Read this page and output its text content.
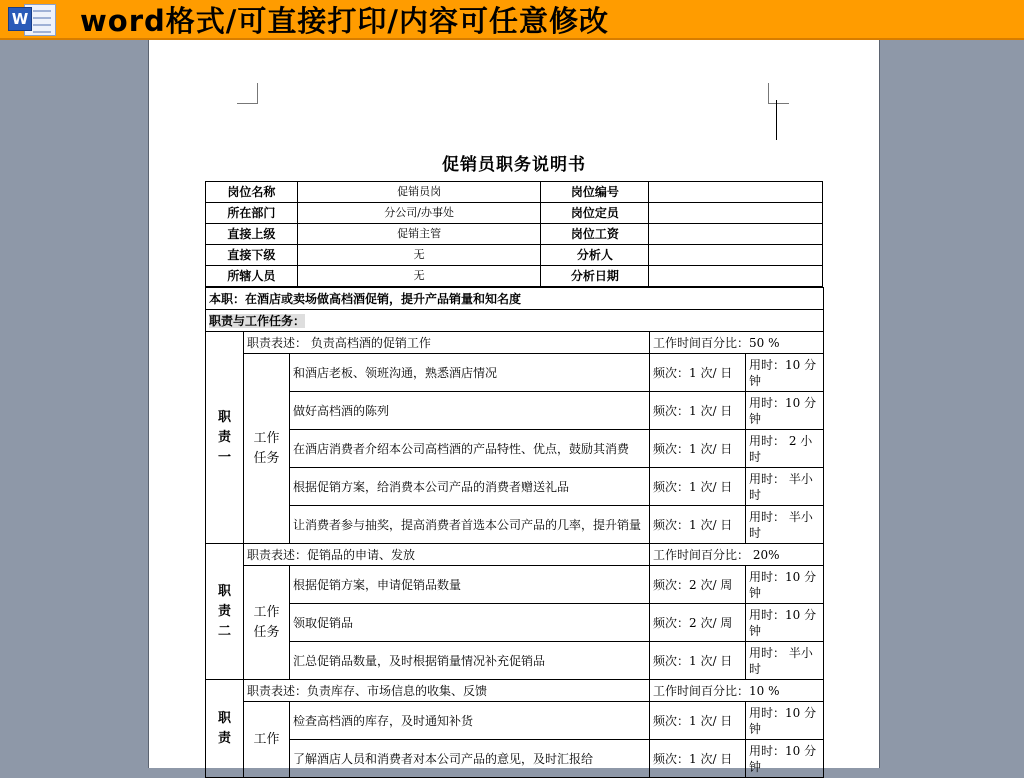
W word格式/可直接打印/内容可任意修改
促销员职务说明书
岗位名称	促销员岗	岗位编号	
所在部门	分公司/办事处	岗位定员	
直接上级	促销主管	岗位工资	
直接下级	无	分析人	
所辖人员	无	分析日期	
本职：在酒店或卖场做高档酒促销，提升产品销量和知名度				
职责与工作任务：				
职
责
一	职责表述： 负责高档酒的促销工作		工作时间百分比：50 %	
	工作
任务	和酒店老板、领班沟通，熟悉酒店情况	频次：1 次/ 日	用时：10 分钟
		做好高档酒的陈列	频次：1 次/ 日	用时：10 分钟
		在酒店消费者介绍本公司高档酒的产品特性、优点，鼓励其消费	频次：1 次/ 日	用时： 2 小时
		根据促销方案，给消费本公司产品的消费者赠送礼品	频次：1 次/ 日	用时： 半小时
		让消费者参与抽奖，提高消费者首选本公司产品的几率，提升销量	频次：1 次/ 日	用时： 半小时
职
责
二	职责表述：促销品的申请、发放		工作时间百分比： 20%	
	工作
任务	根据促销方案，申请促销品数量	频次：2 次/ 周	用时：10 分钟
		领取促销品	频次：2 次/ 周	用时：10 分钟
		汇总促销品数量，及时根据销量情况补充促销品	频次：1 次/ 日	用时： 半小时
职
责	职责表述：负责库存、市场信息的收集、反馈		工作时间百分比：10 %	
	工作	检查高档酒的库存，及时通知补货	频次：1 次/ 日	用时：10 分钟
		了解酒店人员和消费者对本公司产品的意见，及时汇报给	频次：1 次/ 日	用时：10 分钟
